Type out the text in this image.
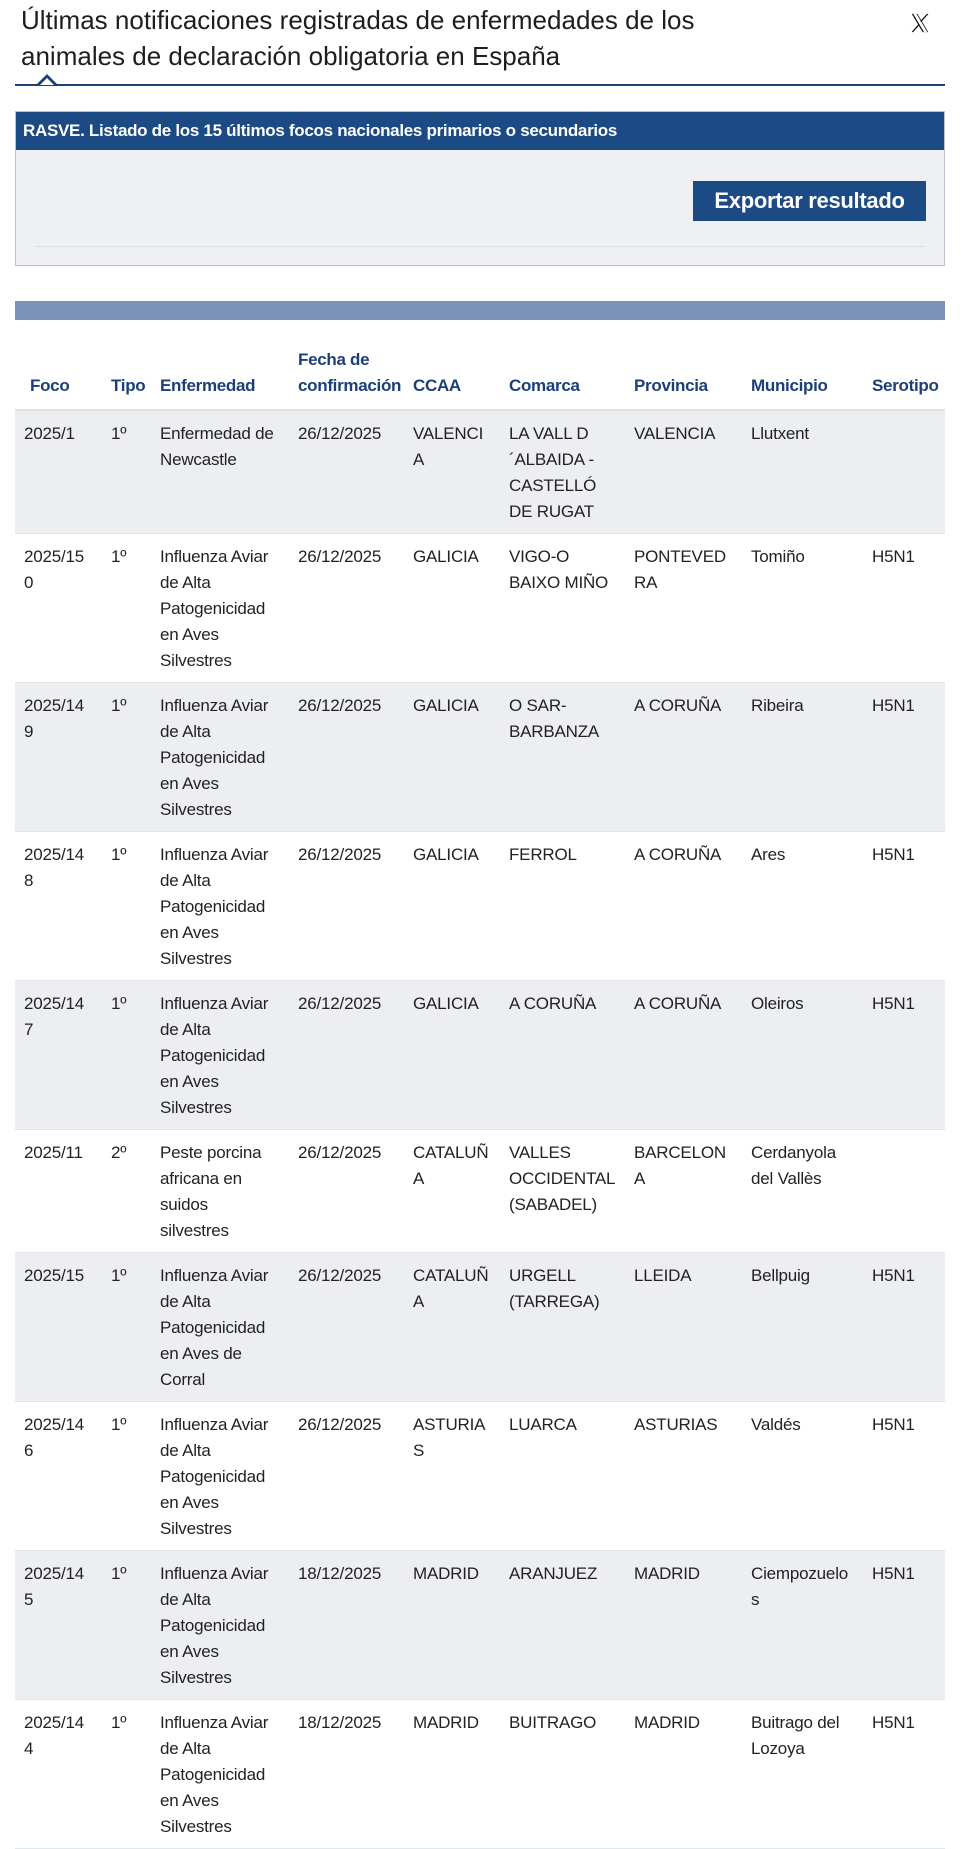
Últimas notificaciones registradas de enfermedades de los animales de declaración obligatoria en España
RASVE. Listado de los 15 últimos focos nacionales primarios o secundarios
Exportar resultado
Foco	Tipo	Enfermedad	Fecha de confirmación	CCAA	Comarca	Provincia	Municipio	Serotipo
2025/1	1º	Enfermedad de Newcastle	26/12/2025	VALENCIA	LA VALL D ´ALBAIDA - CASTELLÓ DE RUGAT	VALENCIA	Llutxent	
2025/150	1º	Influenza Aviar de Alta Patogenicidad en Aves Silvestres	26/12/2025	GALICIA	VIGO-O BAIXO MIÑO	PONTEVEDRA	Tomiño	H5N1
2025/149	1º	Influenza Aviar de Alta Patogenicidad en Aves Silvestres	26/12/2025	GALICIA	O SAR-BARBANZA	A CORUÑA	Ribeira	H5N1
2025/148	1º	Influenza Aviar de Alta Patogenicidad en Aves Silvestres	26/12/2025	GALICIA	FERROL	A CORUÑA	Ares	H5N1
2025/147	1º	Influenza Aviar de Alta Patogenicidad en Aves Silvestres	26/12/2025	GALICIA	A CORUÑA	A CORUÑA	Oleiros	H5N1
2025/11	2º	Peste porcina africana en suidos silvestres	26/12/2025	CATALUÑA	VALLES OCCIDENTAL (SABADEL)	BARCELONA	Cerdanyola del Vallès	
2025/15	1º	Influenza Aviar de Alta Patogenicidad en Aves de Corral	26/12/2025	CATALUÑA	URGELL (TARREGA)	LLEIDA	Bellpuig	H5N1
2025/146	1º	Influenza Aviar de Alta Patogenicidad en Aves Silvestres	26/12/2025	ASTURIAS	LUARCA	ASTURIAS	Valdés	H5N1
2025/145	1º	Influenza Aviar de Alta Patogenicidad en Aves Silvestres	18/12/2025	MADRID	ARANJUEZ	MADRID	Ciempozuelos	H5N1
2025/144	1º	Influenza Aviar de Alta Patogenicidad en Aves Silvestres	18/12/2025	MADRID	BUITRAGO	MADRID	Buitrago del Lozoya	H5N1
